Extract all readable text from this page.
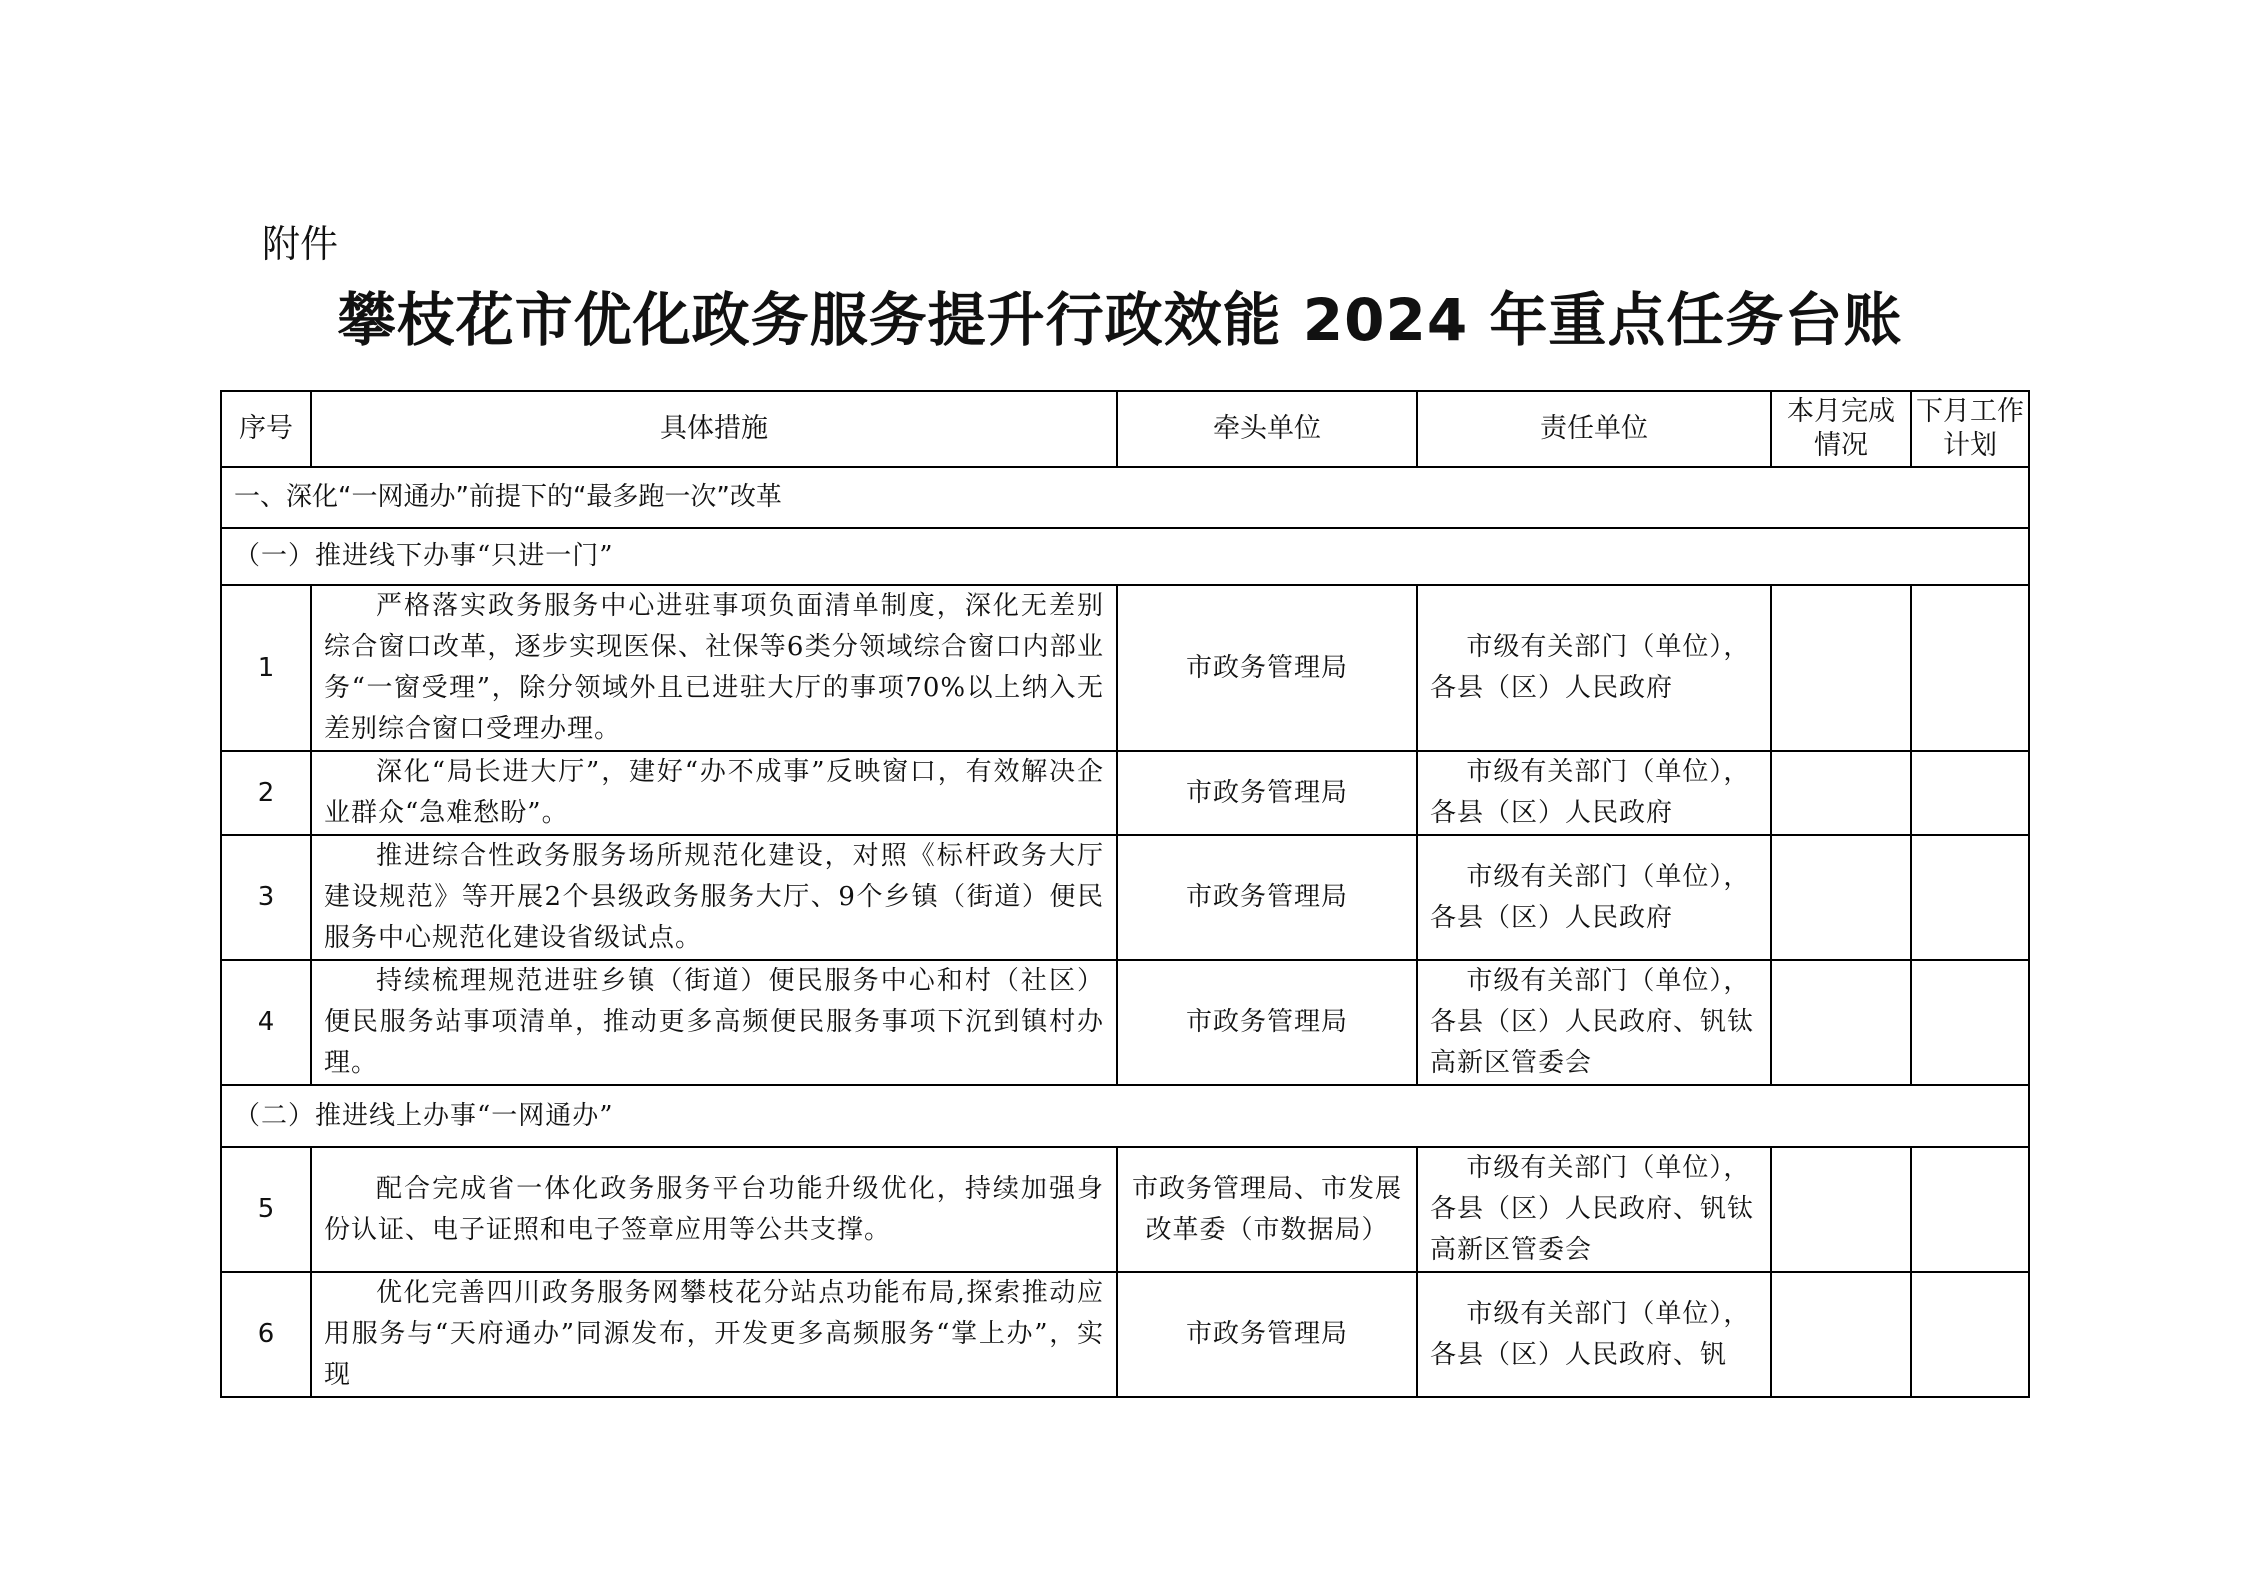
附件
攀枝花市优化政务服务提升行政效能 2024 年重点任务台账
序号	具体措施	牵头单位	责任单位	本月完成情况	下月工作计划
一、深化“一网通办”前提下的“最多跑一次”改革					
（一）推进线下办事“只进一门”					
1	严格落实政务服务中心进驻事项负面清单制度，深化无差别综合窗口改革，逐步实现医保、社保等6类分领域综合窗口内部业务“一窗受理”，除分领域外且已进驻大厅的事项70%以上纳入无差别综合窗口受理办理。	市政务管理局	市级有关部门（单位），各县（区）人民政府		
2	深化“局长进大厅”，建好“办不成事”反映窗口，有效解决企业群众“急难愁盼”。	市政务管理局	市级有关部门（单位），各县（区）人民政府		
3	推进综合性政务服务场所规范化建设，对照《标杆政务大厅建设规范》等开展2个县级政务服务大厅、9个乡镇（街道）便民服务中心规范化建设省级试点。	市政务管理局	市级有关部门（单位），各县（区）人民政府		
4	持续梳理规范进驻乡镇（街道）便民服务中心和村（社区）便民服务站事项清单，推动更多高频便民服务事项下沉到镇村办理。	市政务管理局	市级有关部门（单位），各县（区）人民政府、钒钛高新区管委会		
（二）推进线上办事“一网通办”					
5	配合完成省一体化政务服务平台功能升级优化，持续加强身份认证、电子证照和电子签章应用等公共支撑。	市政务管理局、市发展改革委（市数据局）	市级有关部门（单位），各县（区）人民政府、钒钛高新区管委会		
6	优化完善四川政务服务网攀枝花分站点功能布局,探索推动应用服务与“天府通办”同源发布，开发更多高频服务“掌上办”，实现	市政务管理局	市级有关部门（单位），各县（区）人民政府、钒		
